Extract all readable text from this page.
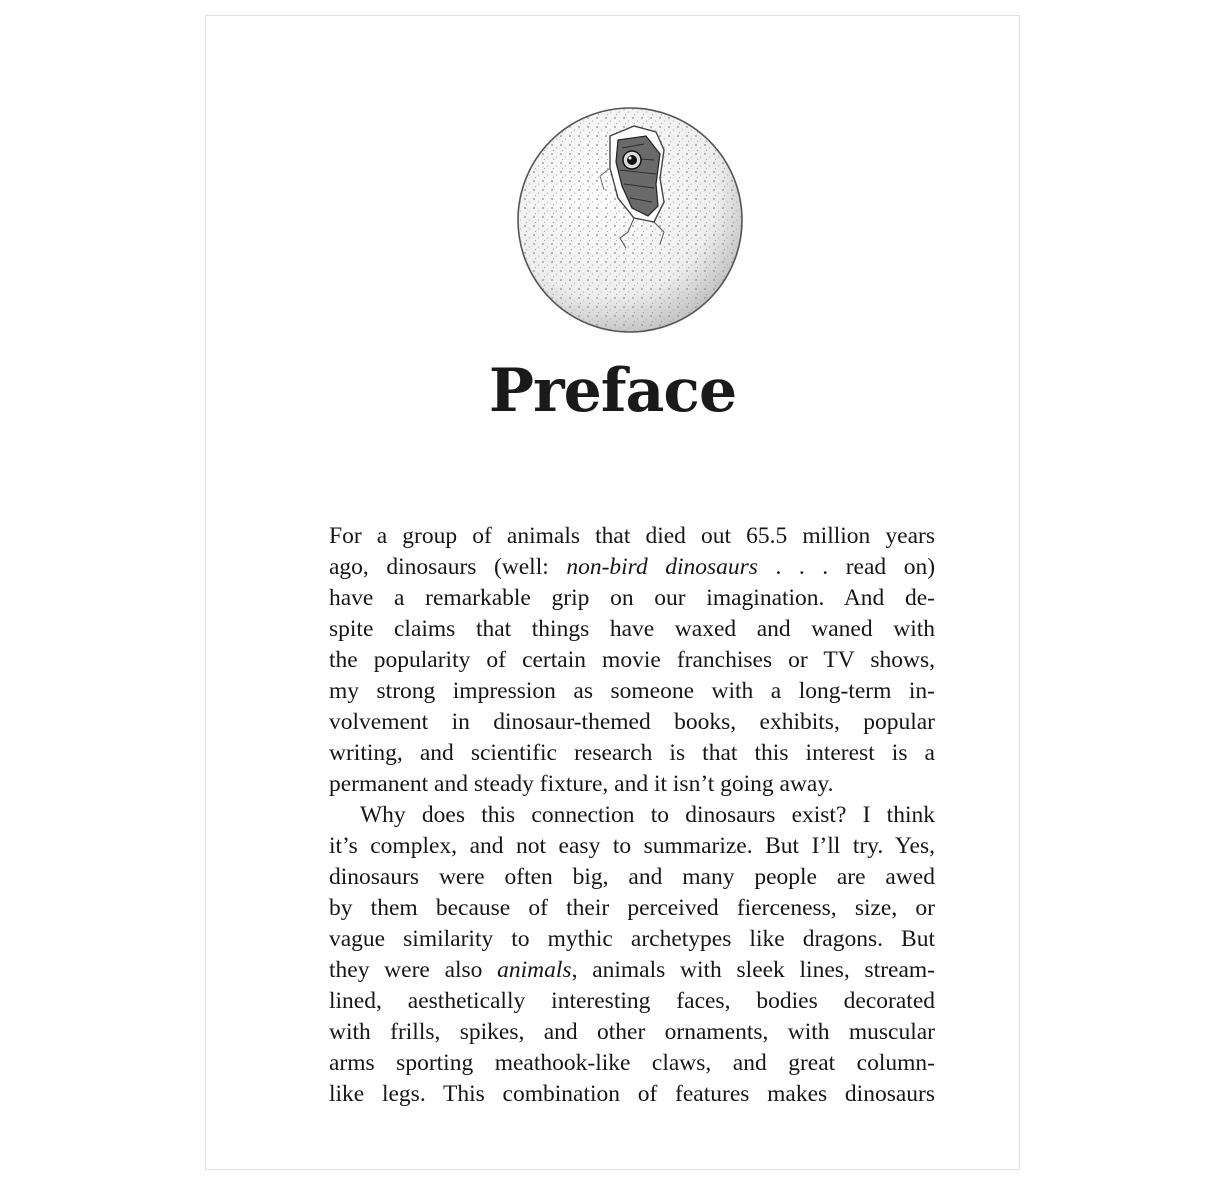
Preface
For a group of animals that died out 65.5 million years
ago, dinosaurs (well: non-bird dinosaurs . . . read on)
have a remarkable grip on our imagination. And de-
spite claims that things have waxed and waned with
the popularity of certain movie franchises or TV shows,
my strong impression as someone with a long-term in-
volvement in dinosaur-themed books, exhibits, popular
writing, and scientific research is that this interest is a
permanent and steady fixture, and it isn’t going away.
Why does this connection to dinosaurs exist? I think
it’s complex, and not easy to summarize. But I’ll try. Yes,
dinosaurs were often big, and many people are awed
by them because of their perceived fierceness, size, or
vague similarity to mythic archetypes like dragons. But
they were also animals, animals with sleek lines, stream-
lined, aesthetically interesting faces, bodies decorated
with frills, spikes, and other ornaments, with muscular
arms sporting meathook-like claws, and great column-
like legs. This combination of features makes dinosaurs
